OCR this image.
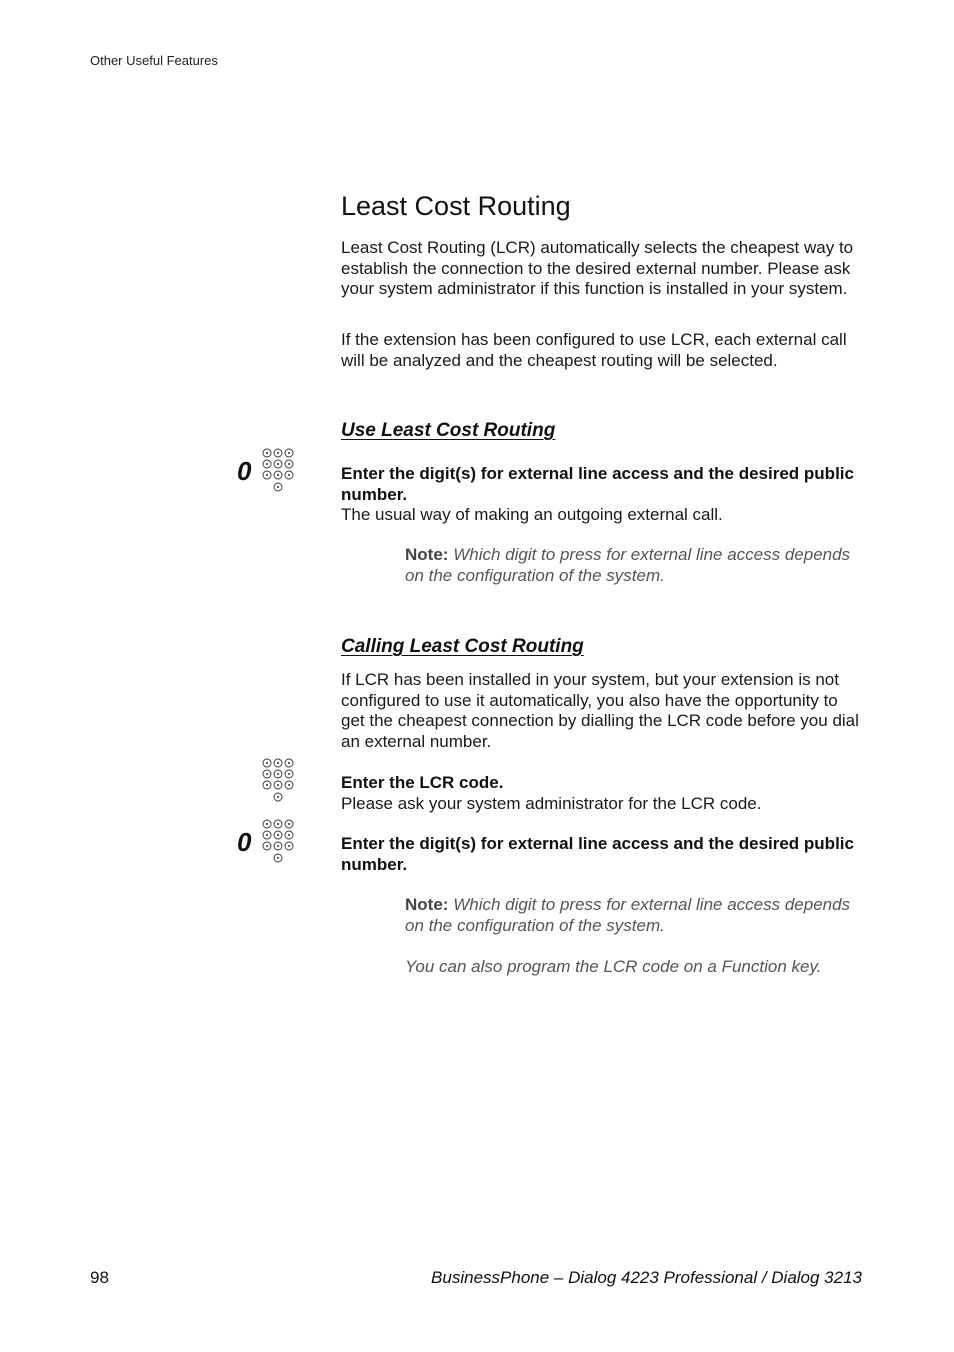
Other Useful Features
Least Cost Routing

Least Cost Routing (LCR) automatically selects the cheapest way to establish the connection to the desired external number. Please ask your system administrator if this function is installed in your system.

If the extension has been configured to use LCR, each external call will be analyzed and the cheapest routing will be selected.

Use Least Cost Routing
0	Enter the digit(s) for external line access and the desired public number.
The usual way of making an outgoing external call.

Note: Which digit to press for external line access depends on the configuration of the system.

Calling Least Cost Routing

If LCR has been installed in your system, but your extension is not configured to use it automatically, you also have the opportunity to get the cheapest connection by dialling the LCR code before you dial an external number.

Enter the LCR code.
Please ask your system administrator for the LCR code.

0	Enter the digit(s) for external line access and the desired public number.

Note: Which digit to press for external line access depends on the configuration of the system.

You can also program the LCR code on a Function key.

98	BusinessPhone – Dialog 4223 Professional / Dialog 3213
